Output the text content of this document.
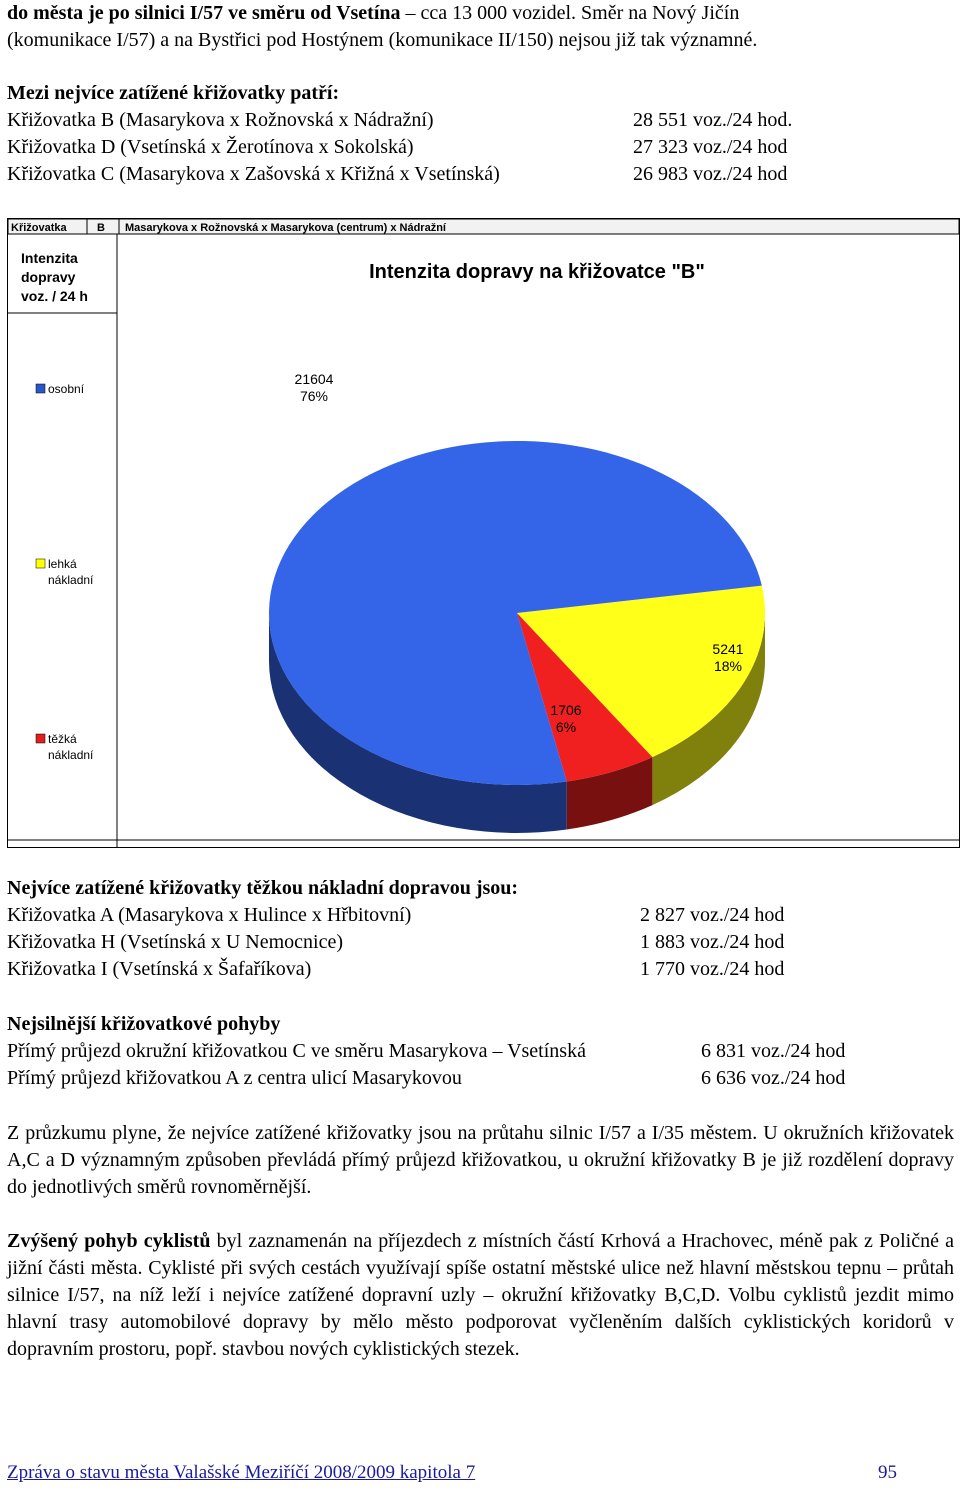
do města je po silnici I/57 ve směru od Vsetína – cca 13 000 vozidel. Směr na Nový Jičín
(komunikace I/57) a na Bystřici pod Hostýnem (komunikace II/150) nejsou již tak významné.
Mezi nejvíce zatížené křižovatky patří:
Křižovatka B (Masarykova x Rožnovská x Nádražní)	28 551 voz./24 hod.
Křižovatka D (Vsetínská x Žerotínova x Sokolská)	27 323 voz./24 hod
Křižovatka C (Masarykova x Zašovská x Křižná x Vsetínská)	26 983 voz./24 hod
Křižovatka	B Masarykova x Rožnovská x Masarykova (centrum) x Nádražní
Intenzita dopravy voz. / 24 h
Intenzita dopravy na křižovatce "B"
osobní
lehká
nákladní
těžká
nákladní
21604
76%
5241
18%
1706
6%
Nejvíce zatížené křižovatky těžkou nákladní dopravou jsou:
Křižovatka A (Masarykova x Hulince x Hřbitovní)	2 827 voz./24 hod
Křižovatka H (Vsetínská x U Nemocnice)	1 883 voz./24 hod
Křižovatka I (Vsetínská x Šafaříkova)	1 770 voz./24 hod
Nejsilnější křižovatkové pohyby
Přímý průjezd okružní křižovatkou C ve směru Masarykova – Vsetínská	6 831 voz./24 hod
Přímý průjezd křižovatkou A z centra ulicí Masarykovou	6 636 voz./24 hod
Z průzkumu plyne, že nejvíce zatížené křižovatky jsou na průtahu silnic I/57 a I/35 městem. U okružních křižovatek A,C a D významným způsoben převládá přímý průjezd křižovatkou, u okružní křižovatky B je již rozdělení dopravy do jednotlivých směrů rovnoměrnější.
Zvýšený pohyb cyklistů byl zaznamenán na příjezdech z místních částí Krhová a Hrachovec, méně pak z Poličné a jižní části města. Cyklisté při svých cestách využívají spíše ostatní městské ulice než hlavní městskou tepnu – průtah silnice I/57, na níž leží i nejvíce zatížené dopravní uzly – okružní křižovatky B,C,D. Volbu cyklistů jezdit mimo hlavní trasy automobilové dopravy by mělo město podporovat vyčleněním dalších cyklistických koridorů v dopravním prostoru, popř. stavbou nových cyklistických stezek.
Zpráva o stavu města Valašské Meziříčí 2008/2009 kapitola 7	95
